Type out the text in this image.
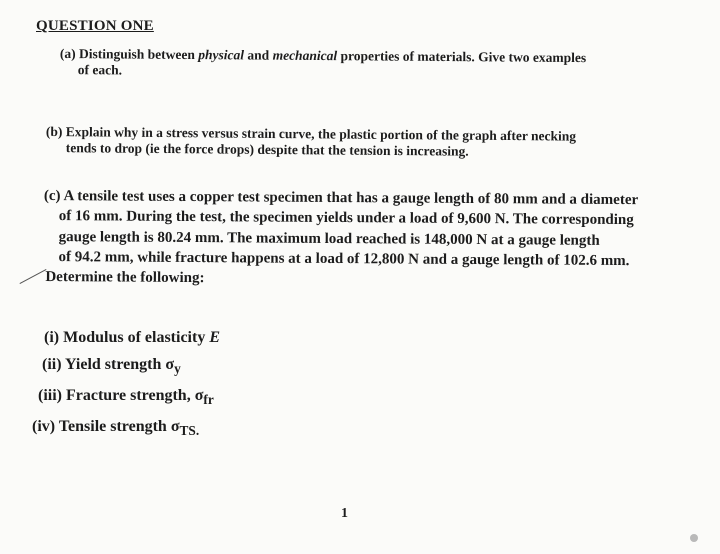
QUESTION ONE
(a) Distinguish between physical and mechanical properties of materials. Give two examples
of each.
(b) Explain why in a stress versus strain curve, the plastic portion of the graph after necking
tends to drop (ie the force drops) despite that the tension is increasing.
(c) A tensile test uses a copper test specimen that has a gauge length of 80 mm and a diameter
of 16 mm. During the test, the specimen yields under a load of 9,600 N. The corresponding
gauge length is 80.24 mm. The maximum load reached is 148,000 N at a gauge length
of 94.2 mm, while fracture happens at a load of 12,800 N and a gauge length of 102.6 mm.
Determine the following:
(i) Modulus of elasticity E
(ii) Yield strength $\sigma_y$
(iii) Fracture strength, $\sigma_{fr}$
(iv) Tensile strength $\sigma_{TS.}$
1
